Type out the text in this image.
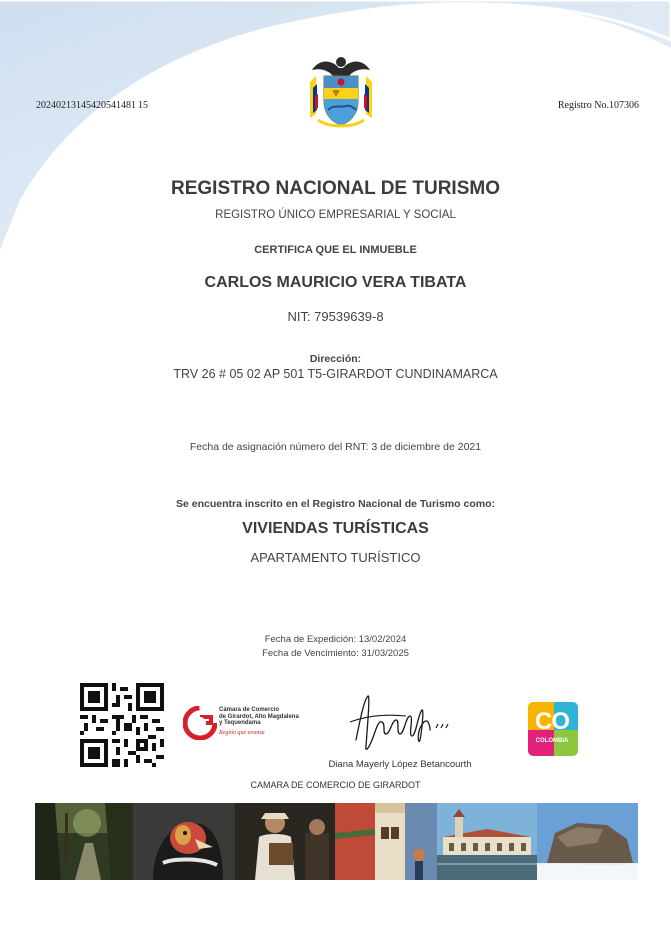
20240213145420541481 15	Registro No.107306
REGISTRO NACIONAL DE TURISMO
REGISTRO ÚNICO EMPRESARIAL Y SOCIAL
CERTIFICA QUE EL INMUEBLE
CARLOS MAURICIO VERA TIBATA
NIT: 79539639-8
Dirección:
TRV 26 # 05 02 AP 501 T5-GIRARDOT CUNDINAMARCA
Fecha de asignación número del RNT: 3 de diciembre de 2021
Se encuentra inscrito en el Registro Nacional de Turismo como:
VIVIENDAS TURÍSTICAS
APARTAMENTO TURÍSTICO
Fecha de Expedición: 13/02/2024
Fecha de Vencimiento: 31/03/2025
Cámara de Comercio
de Girardot, Alto Magdalena
y Tequendama
Región que avanza
Diana Mayerly López Betancourth
CO
COLOMBIA
CAMARA DE COMERCIO DE GIRARDOT
